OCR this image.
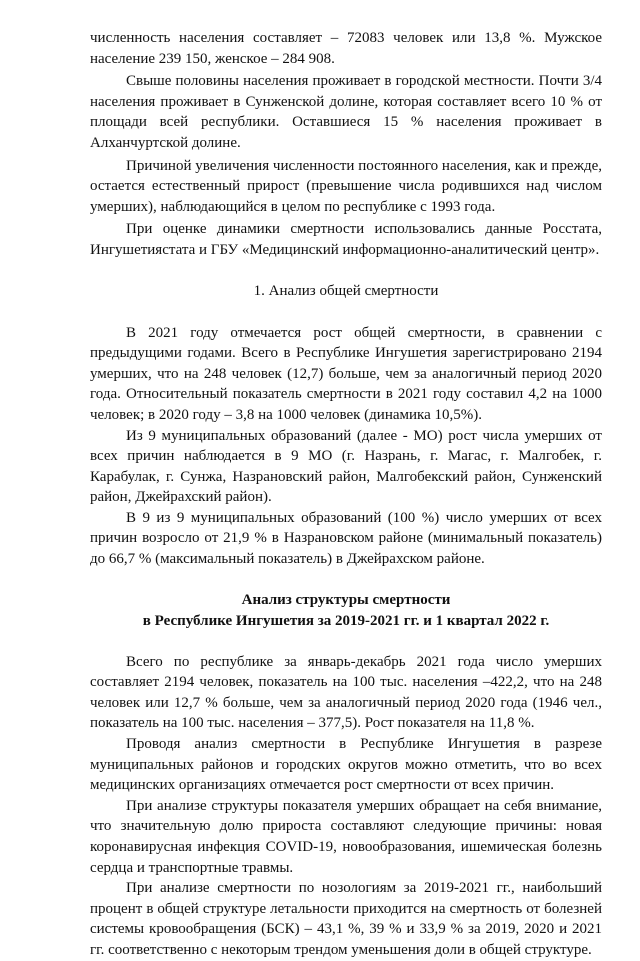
численность населения составляет – 72083 человек или 13,8 %. Мужское население 239 150, женское – 284 908.

Свыше половины населения проживает в городской местности. Почти 3/4 населения проживает в Сунженской долине, которая составляет всего 10 % от площади всей республики. Оставшиеся 15 % населения проживает в Алханчуртской долине.

Причиной увеличения численности постоянного населения, как и прежде, остается естественный прирост (превышение числа родившихся над числом умерших), наблюдающийся в целом по республике с 1993 года.

При оценке динамики смертности использовались данные Росстата, Ингушетиястата и ГБУ «Медицинский информационно-аналитический центр».

1. Анализ общей смертности

В 2021 году отмечается рост общей смертности, в сравнении с предыдущими годами. Всего в Республике Ингушетия зарегистрировано 2194 умерших, что на 248 человек (12,7) больше, чем за аналогичный период 2020 года. Относительный показатель смертности в 2021 году составил 4,2 на 1000 человек; в 2020 году – 3,8 на 1000 человек (динамика 10,5%).

Из 9 муниципальных образований (далее - МО) рост числа умерших от всех причин наблюдается в 9 МО (г. Назрань, г. Магас, г. Малгобек, г. Карабулак, г. Сунжа, Назрановский район, Малгобекский район, Сунженский район, Джейрахский район).

В 9 из 9 муниципальных образований (100 %) число умерших от всех причин возросло от 21,9 % в Назрановском районе (минимальный показатель) до 66,7 % (максимальный показатель) в Джейрахском районе.

Анализ структуры смертности
в Республике Ингушетия за 2019-2021 гг. и 1 квартал 2022 г.

Всего по республике за январь-декабрь 2021 года число умерших составляет 2194 человек, показатель на 100 тыс. населения –422,2, что на 248 человек или 12,7 % больше, чем за аналогичный период 2020 года (1946 чел., показатель на 100 тыс. населения – 377,5). Рост показателя на 11,8 %.

Проводя анализ смертности в Республике Ингушетия в разрезе муниципальных районов и городских округов можно отметить, что во всех медицинских организациях отмечается рост смертности от всех причин.

При анализе структуры показателя умерших обращает на себя внимание, что значительную долю прироста составляют следующие причины: новая коронавирусная инфекция COVID-19, новообразования, ишемическая болезнь сердца и транспортные травмы.

При анализе смертности по нозологиям за 2019-2021 гг., наибольший процент в общей структуре летальности приходится на смертность от болезней системы кровообращения (БСК) – 43,1 %, 39 % и 33,9 % за 2019, 2020 и 2021 гг. соответственно с некоторым трендом уменьшения доли в общей структуре.
